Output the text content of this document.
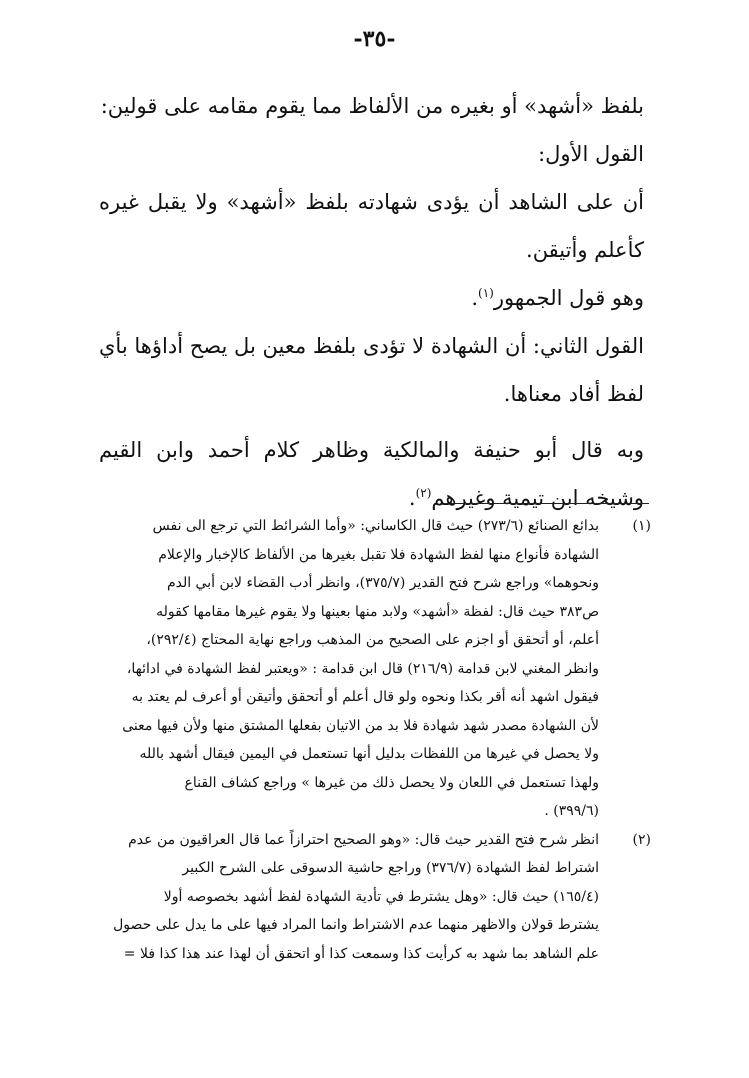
-٣٥-

بلفظ «أشهد» أو بغيره من الألفاظ مما يقوم مقامه على قولين:

القول الأول:

أن على الشاهد أن يؤدى شهادته بلفظ «أشهد» ولا يقبل غيره كأعلم وأتيقن.

وهو قول الجمهور$^{(١)}$.

القول الثاني: أن الشهادة لا تؤدى بلفظ معين بل يصح أداؤها بأي لفظ أفاد معناها.

وبه قال أبو حنيفة والمالكية وظاهر كلام أحمد وابن القيم وشيخه ابن تيمية وغيرهم$^{(٢)}$.

(١)
بدائع الصنائع (٢٧٣/٦) حيث قال الكاساني: «وأما الشرائط التي ترجع الى نفس
الشهادة فأنواع منها لفظ الشهادة فلا تقبل بغيرها من الألفاظ كالإخبار والإعلام
ونحوهما» وراجع شرح فتح القدير (٣٧٥/٧)، وانظر أدب القضاء لابن أبي الدم
ص٣٨٣ حيث قال: لفظة «أشهد» ولابد منها بعينها ولا يقوم غيرها مقامها كقوله
أعلم، أو أتحقق أو اجزم على الصحيح من المذهب وراجع نهاية المحتاج (٢٩٢/٤)،
وانظر المغني لابن قدامة (٢١٦/٩) قال ابن قدامة : «ويعتبر لفظ الشهادة في ادائها،
فيقول اشهد أنه أقر بكذا ونحوه ولو قال أعلم أو أتحقق وأتيقن أو أعرف لم يعتد به
لأن الشهادة مصدر شهد شهادة فلا بد من الاتيان بفعلها المشتق منها ولأن فيها معنى
ولا يحصل في غيرها من اللفظات بدليل أنها تستعمل في اليمين فيقال أشهد بالله
ولهذا تستعمل في اللعان ولا يحصل ذلك من غيرها » وراجع كشاف القناع
(٣٩٩/٦) .
(٢)
انظر شرح فتح القدير حيث قال: «وهو الصحيح احترازاً عما قال العراقيون من عدم
اشتراط لفظ الشهادة (٣٧٦/٧) وراجع حاشية الدسوقى على الشرح الكبير
(١٦٥/٤) حيث قال: «وهل يشترط في تأدية الشهادة لفظ أشهد بخصوصه أولا
يشترط قولان والاظهر منهما عدم الاشتراط وانما المراد فيها على ما يدل على حصول
علم الشاهد بما شهد به كرأيت كذا وسمعت كذا أو اتحقق أن لهذا عند هذا كذا فلا =
